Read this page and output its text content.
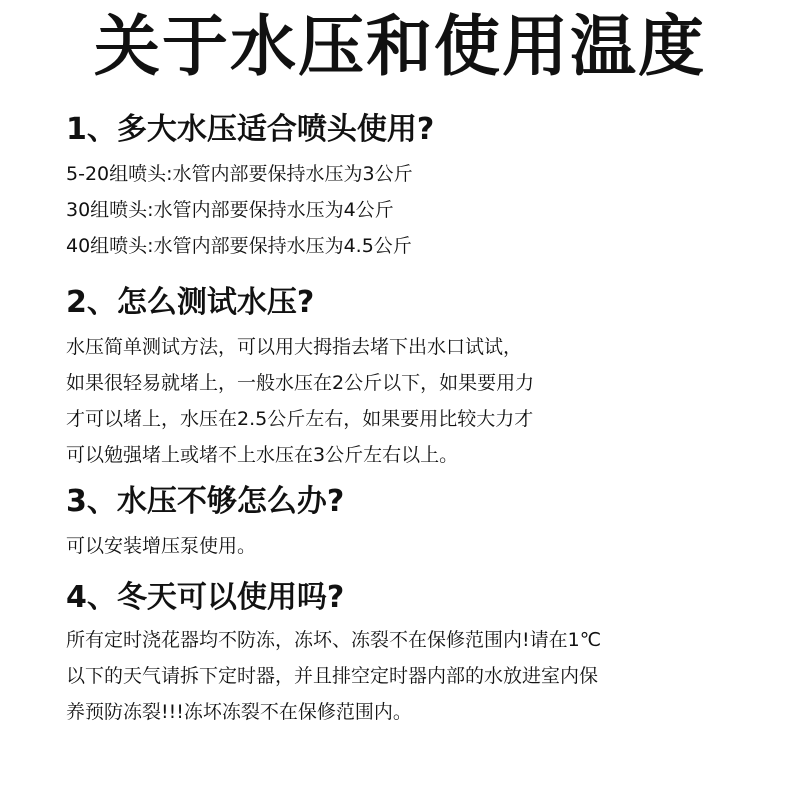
关于水压和使用温度
1、多大水压适合喷头使用?
5-20组喷头:水管内部要保持水压为3公斤
30组喷头:水管内部要保持水压为4公斤
40组喷头:水管内部要保持水压为4.5公斤
2、怎么测试水压?
水压简单测试方法，可以用大拇指去堵下出水口试试，
如果很轻易就堵上，一般水压在2公斤以下，如果要用力
才可以堵上，水压在2.5公斤左右，如果要用比较大力才
可以勉强堵上或堵不上水压在3公斤左右以上。
3、水压不够怎么办?
可以安装增压泵使用。
4、冬天可以使用吗?
所有定时浇花器均不防冻，冻坏、冻裂不在保修范围内!请在1℃
以下的天气请拆下定时器，并且排空定时器内部的水放进室内保
养预防冻裂!!!冻坏冻裂不在保修范围内。
